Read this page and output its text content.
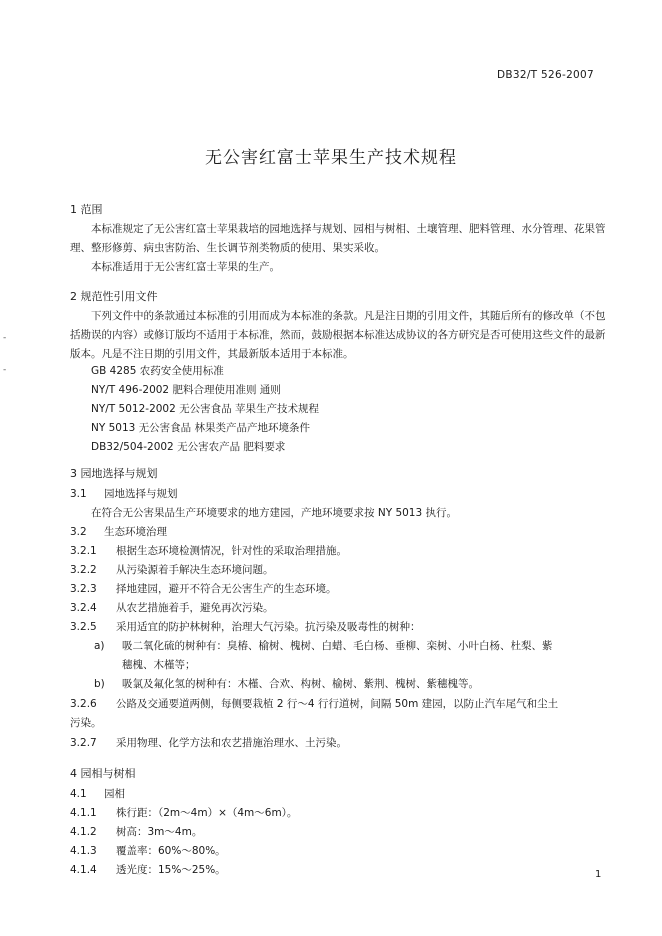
DB32/T 526-2007
无公害红富士苹果生产技术规程
1 范围
本标准规定了无公害红富士苹果栽培的园地选择与规划、园相与树相、土壤管理、肥料管理、水分管理、花果管理、整形修剪、病虫害防治、生长调节剂类物质的使用、果实采收。
本标准适用于无公害红富士苹果的生产。
2 规范性引用文件
下列文件中的条款通过本标准的引用而成为本标准的条款。凡是注日期的引用文件，其随后所有的修改单（不包括勘误的内容）或修订版均不适用于本标准，然而，鼓励根据本标准达成协议的各方研究是否可使用这些文件的最新版本。凡是不注日期的引用文件，其最新版本适用于本标准。
GB 4285 农药安全使用标准
NY/T 496-2002 肥料合理使用准则 通则
NY/T 5012-2002 无公害食品 苹果生产技术规程
NY 5013 无公害食品 林果类产品产地环境条件
DB32/504-2002 无公害农产品 肥料要求
3 园地选择与规划
3.1 园地选择与规划
在符合无公害果品生产环境要求的地方建园，产地环境要求按 NY 5013 执行。
3.2 生态环境治理
3.2.1 根据生态环境检测情况，针对性的采取治理措施。
3.2.2 从污染源着手解决生态环境问题。
3.2.3 择地建园，避开不符合无公害生产的生态环境。
3.2.4 从农艺措施着手，避免再次污染。
3.2.5 采用适宜的防护林树种，治理大气污染。抗污染及吸毒性的树种：
a) 吸二氧化硫的树种有：臭椿、榆树、槐树、白蜡、毛白杨、垂柳、栾树、小叶白杨、杜梨、紫
穗槐、木槿等；
b) 吸氯及氟化氢的树种有：木槿、合欢、构树、榆树、紫荆、槐树、紫穗槐等。
3.2.6 公路及交通要道两侧，每侧要栽植 2 行～4 行行道树，间隔 50m 建园，以防止汽车尾气和尘土
污染。
3.2.7 采用物理、化学方法和农艺措施治理水、土污染。
4 园相与树相
4.1 园相
4.1.1 株行距：（2m～4m）×（4m～6m）。
4.1.2 树高：3m～4m。
4.1.3 覆盖率：60%～80%。
4.1.4 透光度：15%～25%。	1
-
-
